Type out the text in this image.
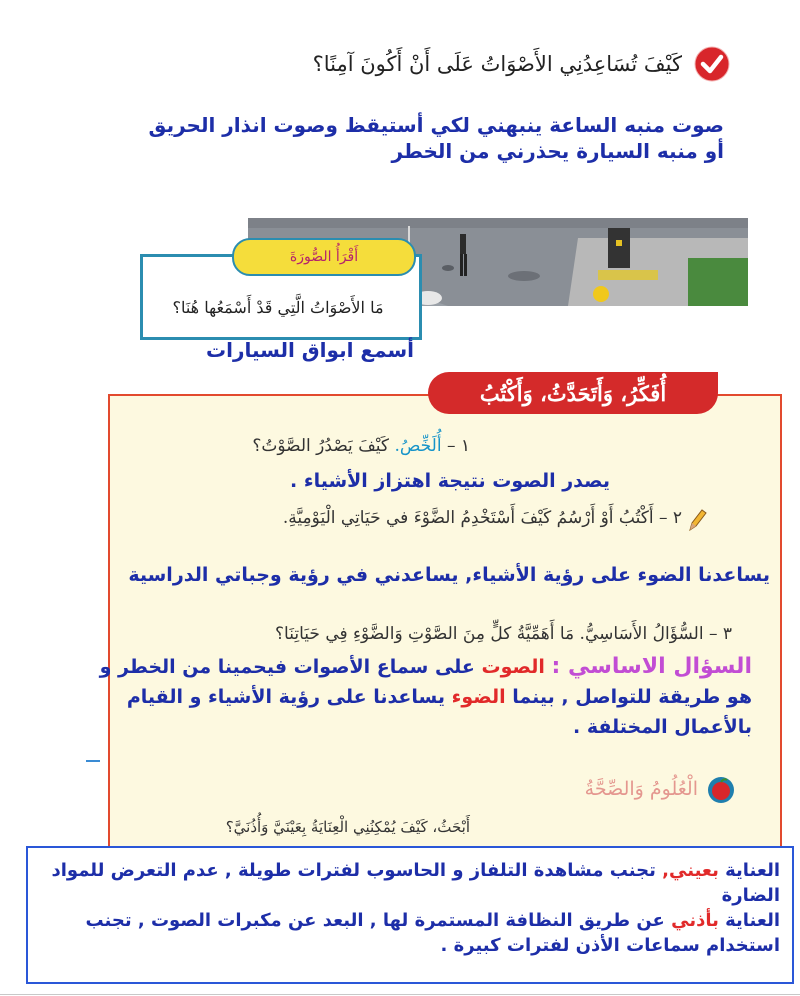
كَيْفَ تُسَاعِدُنِي الأَصْوَاتُ عَلَى أَنْ أَكُونَ آمِنًا؟
صوت منبه الساعة ينبهني لكي أستيقظ وصوت انذار الحريق
أو منبه السيارة يحذرني من الخطر
أَقْرَأُ الصُّورَةَ
مَا الأَصْوَاتُ الَّتِي قَدْ أَسْمَعُها هُنَا؟
أسمع ابواق السيارات
أُفَكِّرُ، وَأَتَحَدَّثُ، وَأَكْتُبُ
١ – أُلَخِّصُ. كَيْفَ يَصْدُرُ الصَّوْتُ؟
يصدر الصوت نتيجة اهتزاز الأشياء .
٢ – أَكْتُبُ أَوْ أَرْسُمُ كَيْفَ أَسْتَخْدِمُ الضَّوْءَ في حَيَاتِي الْيَوْمِيَّةِ.
يساعدنا الضوء على رؤية الأشياء, يساعدني في رؤية وجباتي الدراسية
٣ – السُّؤَالُ الأَسَاسِيُّ. مَا أَهَمِّيَّةُ كلٍّ مِنَ الصَّوْتِ وَالضَّوْءِ فِي حَيَاتِنَا؟
السؤال الاساسي : الصوت على سماع الأصوات فيحمينا من الخطر و هو طريقة للتواصل , بينما الضوء يساعدنا على رؤية الأشياء و القيام بالأعمال المختلفة .
الْعُلُومُ وَالصِّحَّةُ
أَبْحَثُ، كَيْفَ يُمْكِنُنِي الْعِنَايَةُ بِعَيْنَيَّ وَأُذُنَيَّ؟

العناية بعيني, تجنب مشاهدة التلفاز و الحاسوب لفترات طويلة , عدم التعرض للمواد الضارة

العناية بأذني عن طريق النظافة المستمرة لها , البعد عن مكبرات الصوت , تجنب استخدام سماعات الأذن لفترات كبيرة .
